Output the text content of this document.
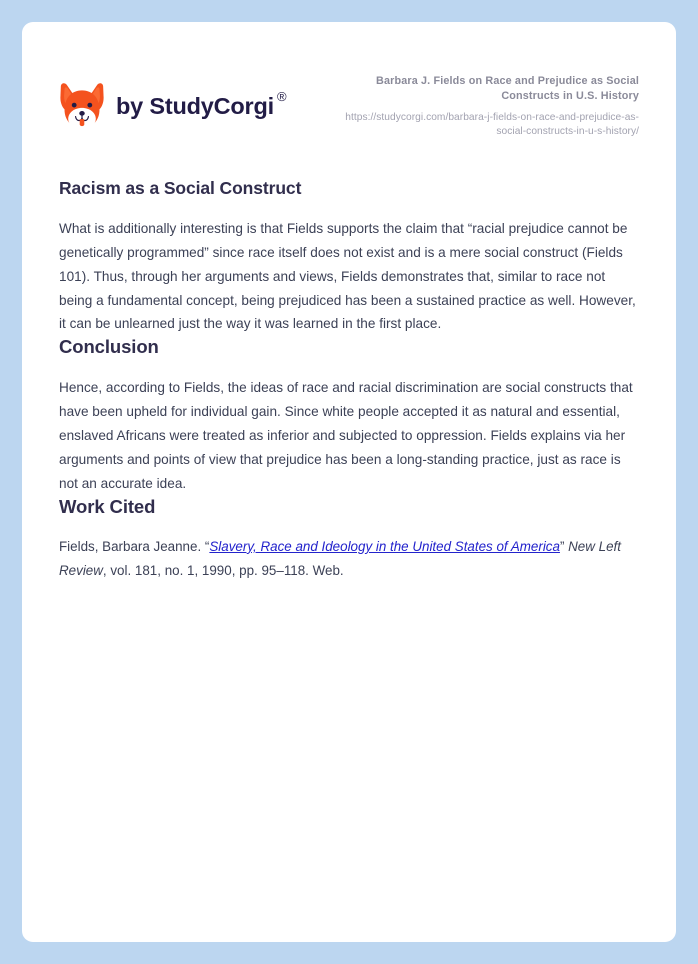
by StudyCorgi ®
Barbara J. Fields on Race and Prejudice as Social Constructs in U.S. History
https://studycorgi.com/barbara-j-fields-on-race-and-prejudice-as-social-constructs-in-u-s-history/
Racism as a Social Construct

What is additionally interesting is that Fields supports the claim that “racial prejudice cannot be genetically programmed” since race itself does not exist and is a mere social construct (Fields 101). Thus, through her arguments and views, Fields demonstrates that, similar to race not being a fundamental concept, being prejudiced has been a sustained practice as well. However, it can be unlearned just the way it was learned in the first place.

Conclusion

Hence, according to Fields, the ideas of race and racial discrimination are social constructs that have been upheld for individual gain. Since white people accepted it as natural and essential, enslaved Africans were treated as inferior and subjected to oppression. Fields explains via her arguments and points of view that prejudice has been a long-standing practice, just as race is not an accurate idea.

Work Cited

Fields, Barbara Jeanne. “Slavery, Race and Ideology in the United States of America” New Left Review, vol. 181, no. 1, 1990, pp. 95–118. Web.
